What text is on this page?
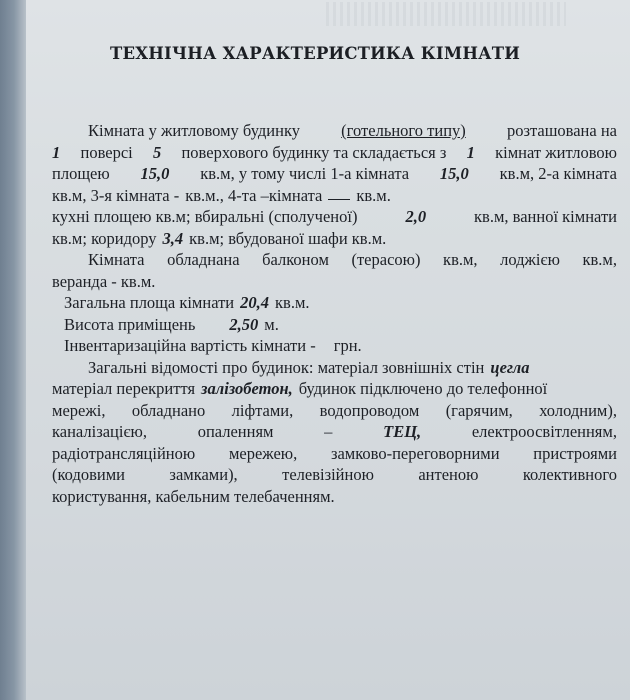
ТЕХНІЧНА ХАРАКТЕРИСТИКА КІМНАТИ
Кімната у житловому будинку (готельного типу) розташована на
1 поверсі 5 поверхового будинку та складається з 1 кімнат житловою
площею 15,0 кв.м, у тому числі 1-а кімната 15,0 кв.м, 2-а кімната
кв.м, 3-я кімната - кв.м., 4-та –кімната кв.м.
кухні площею кв.м; вбиральні (сполученої)	2,0	кв.м, ванної кімнати
кв.м; коридору 3,4 кв.м; вбудованої шафи кв.м.
Кімната обладнана балконом (терасою) кв.м, лоджією кв.м,
веранда - кв.м.
Загальна площа кімнати 20,4 кв.м.
Висота приміщень	2,50 м.
Інвентаризаційна вартість кімнати -	грн.
Загальні відомості про будинок: матеріал зовнішніх стін цегла
матеріал перекриття залізобетон, будинок підключено до телефонної
мережі, обладнано ліфтами, водопроводом (гарячим, холодним),
каналізацією,	опаленням	–	ТЕЦ,	електроосвітленням,
радіотрансляційною мережею, замково-переговорними пристроями
(кодовими	замками),	телевізійною	антеною	колективного
користування, кабельним телебаченням.
